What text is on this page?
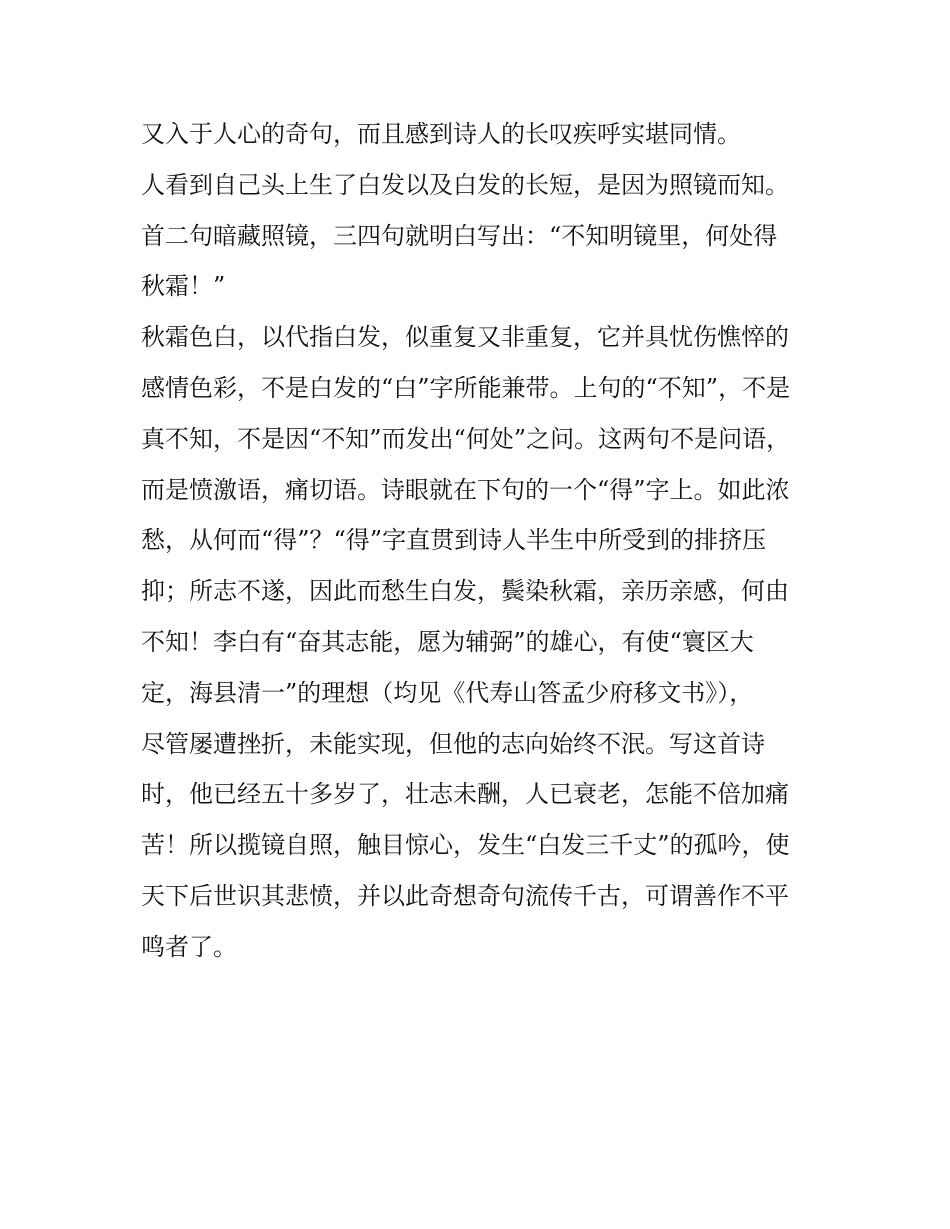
又入于人心的奇句，而且感到诗人的长叹疾呼实堪同情。
人看到自己头上生了白发以及白发的长短，是因为照镜而知。
首二句暗藏照镜，三四句就明白写出：“不知明镜里，何处得
秋霜！”
秋霜色白，以代指白发，似重复又非重复，它并具忧伤憔悴的
感情色彩，不是白发的“白”字所能兼带。上句的“不知”，不是
真不知，不是因“不知”而发出“何处”之问。这两句不是问语，
而是愤激语，痛切语。诗眼就在下句的一个“得”字上。如此浓
愁，从何而“得”？“得”字直贯到诗人半生中所受到的排挤压
抑；所志不遂，因此而愁生白发，鬓染秋霜，亲历亲感，何由
不知！李白有“奋其志能，愿为辅弼”的雄心，有使“寰区大
定，海县清一”的理想（均见《代寿山答孟少府移文书》），
尽管屡遭挫折，未能实现，但他的志向始终不泯。写这首诗
时，他已经五十多岁了，壮志未酬，人已衰老，怎能不倍加痛
苦！所以揽镜自照，触目惊心，发生“白发三千丈”的孤吟，使
天下后世识其悲愤，并以此奇想奇句流传千古，可谓善作不平
鸣者了。
